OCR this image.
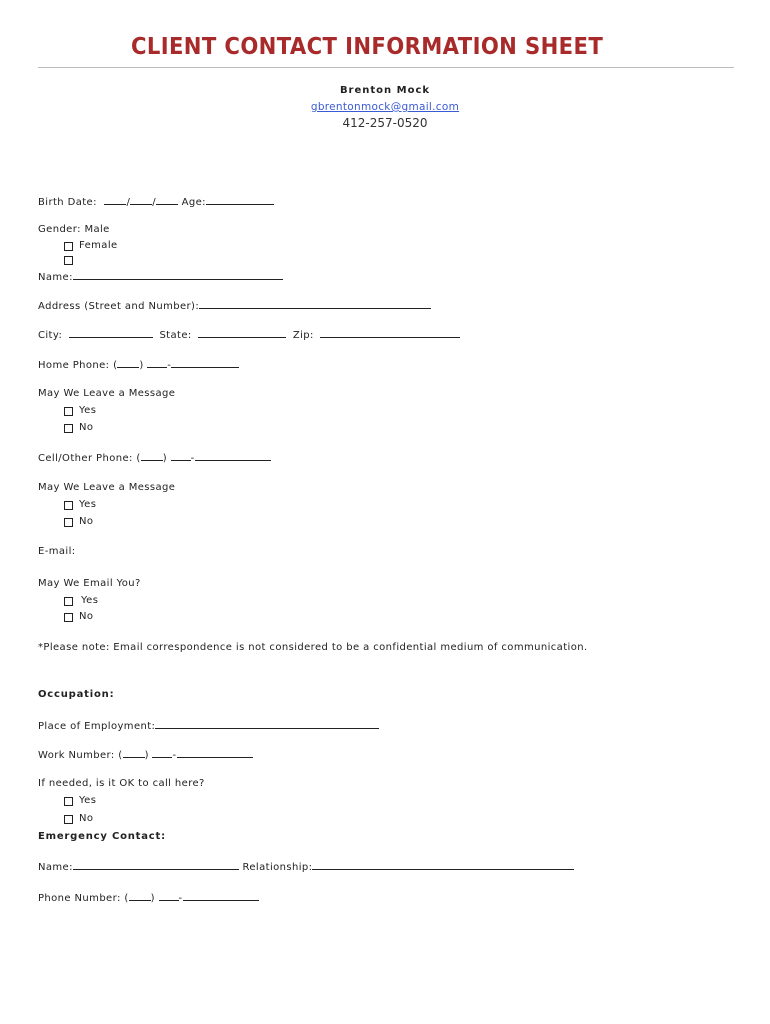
CLIENT CONTACT INFORMATION SHEET
Brenton Mock
gbrentonmock@gmail.com
412-257-0520
Birth Date:	/ /	Age:
Gender: Male
Female
Name:
Address (Street and Number):
City:	State:	Zip:
Home Phone: ( ) -
May We Leave a Message
Yes
No
Cell/Other Phone: ( ) -
May We Leave a Message
Yes
No
E-mail:
May We Email You?
Yes
No
*Please note: Email correspondence is not considered to be a confidential medium of communication.
Occupation:
Place of Employment:
Work Number: ( ) -
If needed, is it OK to call here?
Yes
No
Emergency Contact:
Name:	Relationship:
Phone Number: ( ) -
